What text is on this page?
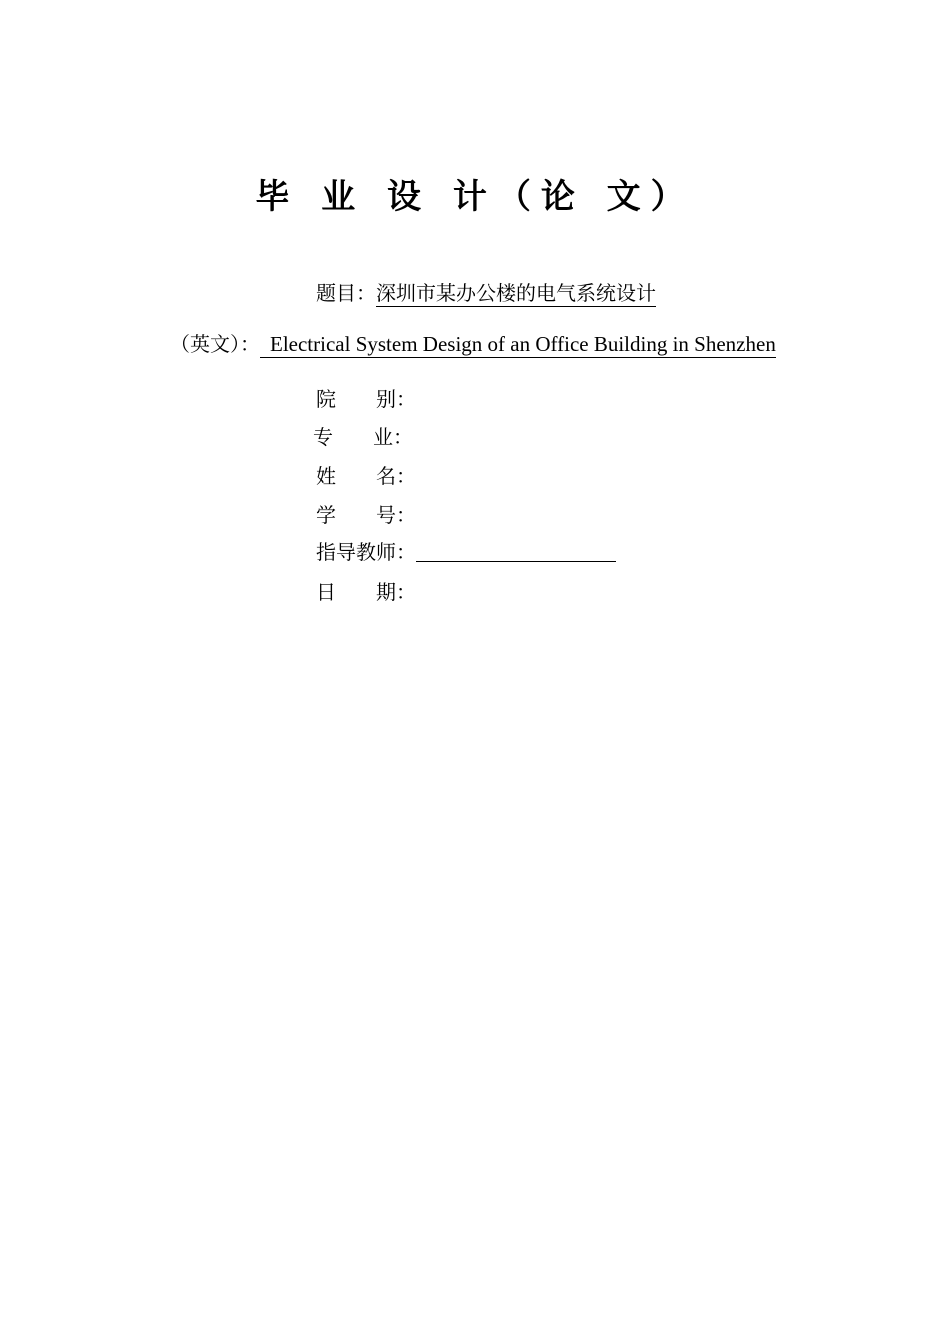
毕 业 设 计（论 文）
题目：深圳市某办公楼的电气系统设计
（英文）： Electrical System Design of an Office Building in Shenzhen
院　　别：
专　　业：
姓　　名：
学　　号：
指导教师：
日　　期：
